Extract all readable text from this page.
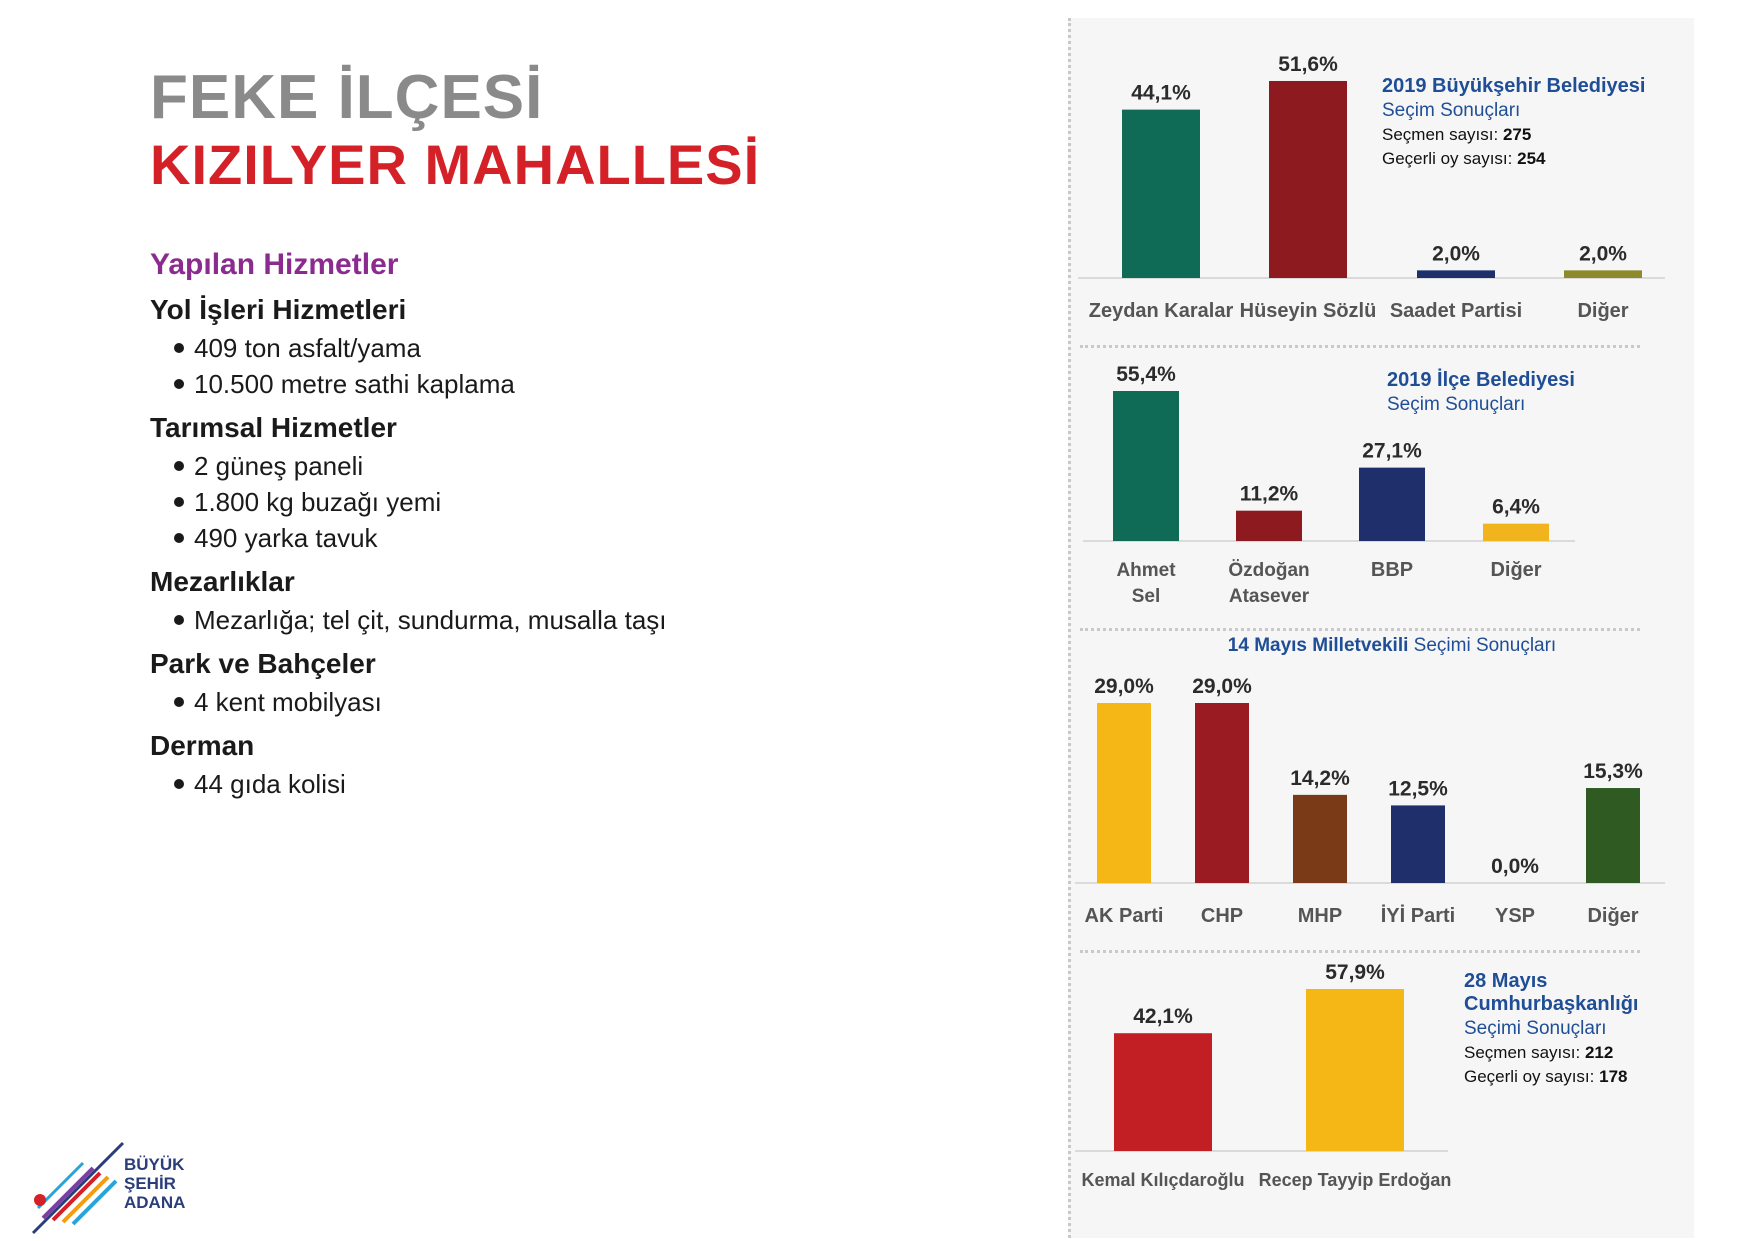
FEKE İLÇESİ
KIZILYER MAHALLESİ
Yapılan Hizmetler
Yol İşleri Hizmetleri
409 ton asfalt/yama
10.500 metre sathi kaplama
Tarımsal Hizmetler
2 güneş paneli
1.800 kg buzağı yemi
490 yarka tavuk
Mezarlıklar
Mezarlığa; tel çit, sundurma, musalla taşı
Park ve Bahçeler
4 kent mobilyası
Derman
44 gıda kolisi
BÜYÜK
ŞEHİR
ADANA
44,1%
Zeydan Karalar
51,6%
Hüseyin Sözlü
2,0%
Saadet Partisi
2,0%
Diğer
2019 Büyükşehir Belediyesi
Seçim Sonuçları
Seçmen sayısı: 275
Geçerli oy sayısı: 254
55,4%
Ahmet
Sel
11,2%
Özdoğan
Atasever
27,1%
BBP
6,4%
Diğer
2019 İlçe Belediyesi
Seçim Sonuçları
29,0%
AK Parti
29,0%
CHP
14,2%
MHP
12,5%
İYİ Parti
0,0%
YSP
15,3%
Diğer
14 Mayıs Milletvekili Seçimi Sonuçları
42,1%
Kemal Kılıçdaroğlu
57,9%
Recep Tayyip Erdoğan
28 Mayıs
Cumhurbaşkanlığı
Seçimi Sonuçları
Seçmen sayısı: 212
Geçerli oy sayısı: 178
